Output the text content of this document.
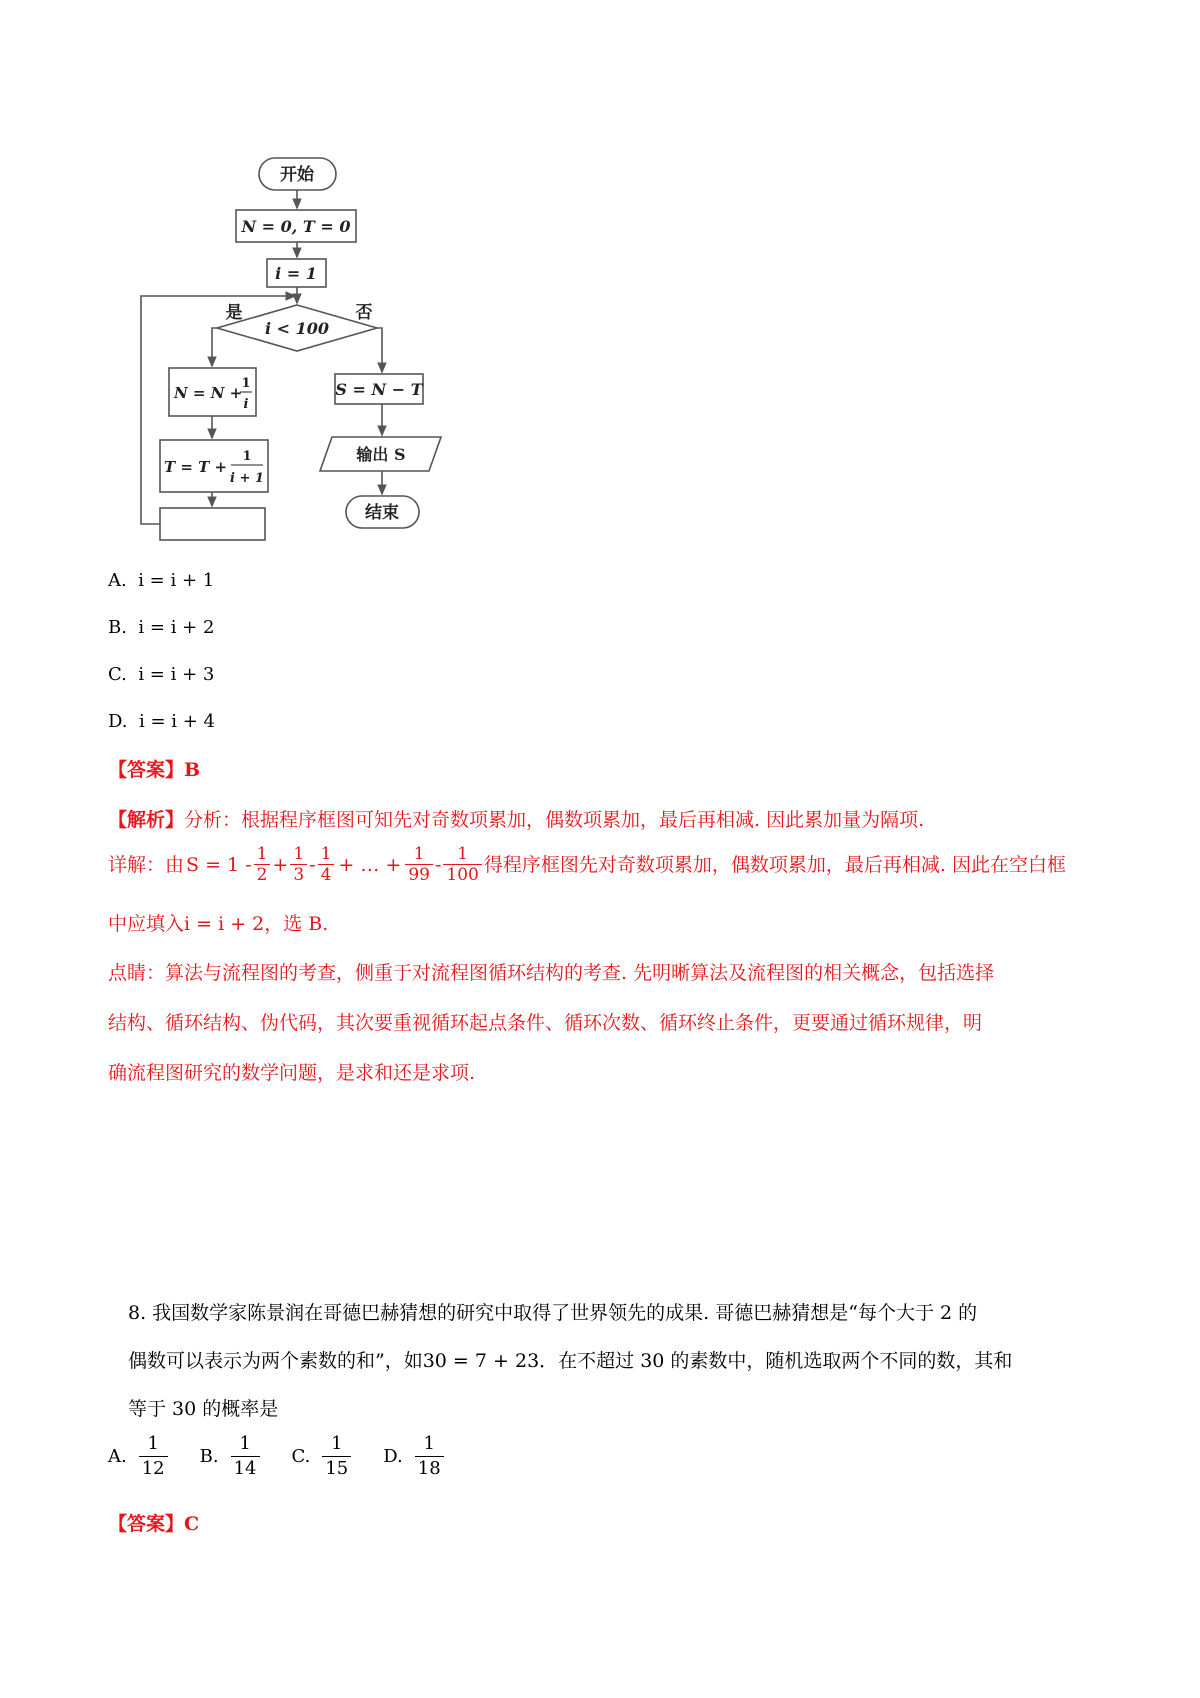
开始
N = 0, T = 0
i = 1
i < 100
是	否
N = N +
1
i
T = T +
1
i + 1
S = N − T
输出 S
结束
A. i = i + 1
B. i = i + 2
C. i = i + 3
D. i = i + 4
【答案】B
【解析】分析：根据程序框图可知先对奇数项累加，偶数项累加，最后再相减. 因此累加量为隔项.
详解：由 $S = 1 - \frac{1}{2} + \frac{1}{3} - \frac{1}{4}$ + … + $\frac{1}{99} - \frac{1}{100}$ 得程序框图先对奇数项累加，偶数项累加，最后再相减. 因此在空白框
中应填入i = i + 2，选 B.
点睛：算法与流程图的考查，侧重于对流程图循环结构的考查. 先明晰算法及流程图的相关概念，包括选择
结构、循环结构、伪代码，其次要重视循环起点条件、循环次数、循环终止条件，更要通过循环规律，明
确流程图研究的数学问题，是求和还是求项.
8. 我国数学家陈景润在哥德巴赫猜想的研究中取得了世界领先的成果. 哥德巴赫猜想是“每个大于 2 的
偶数可以表示为两个素数的和”，如30 = 7 + 23．在不超过 30 的素数中，随机选取两个不同的数，其和
等于 30 的概率是
A. $\frac{1}{12} B$. $\frac{1}{14} C$. $\frac{1}{15} D$. $\frac{1}{18}$
【答案】C
